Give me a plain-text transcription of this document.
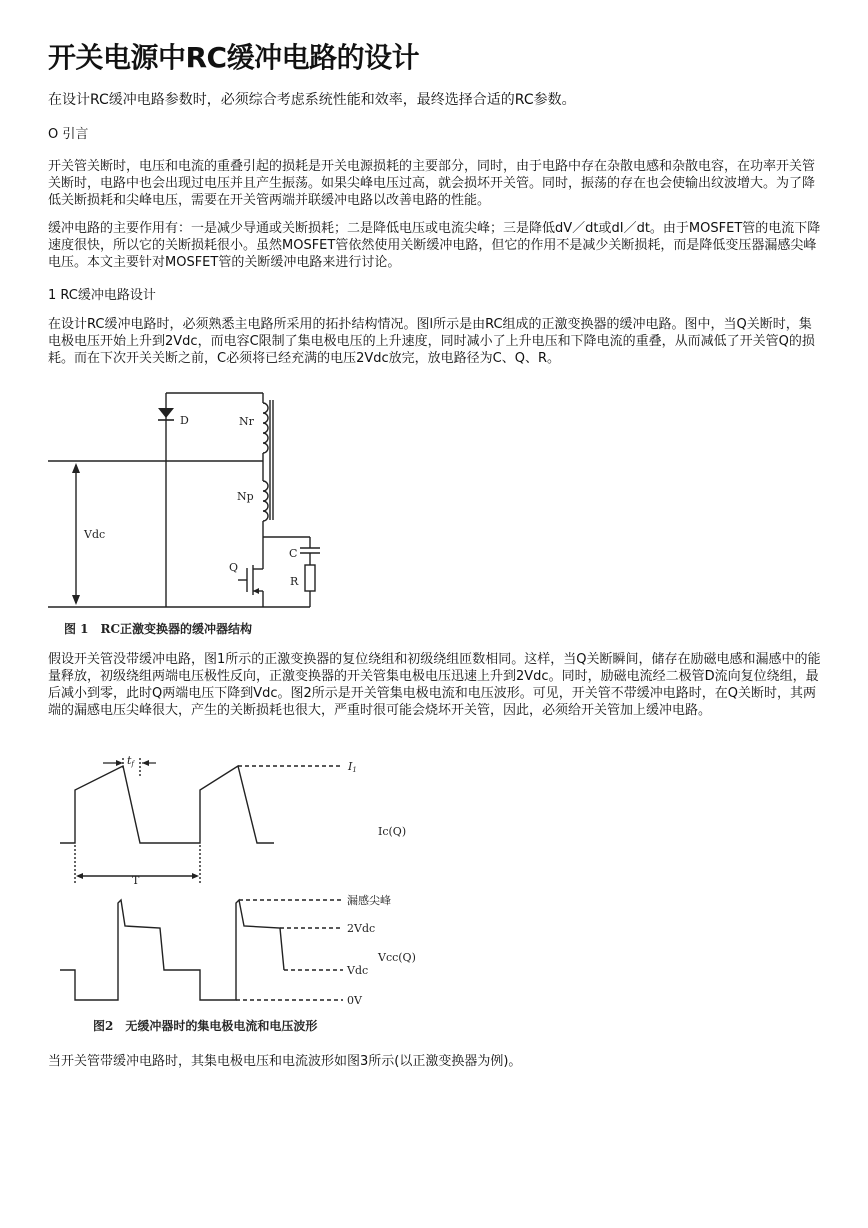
开关电源中RC缓冲电路的设计

在设计RC缓冲电路参数时，必须综合考虑系统性能和效率，最终选择合适的RC参数。

O 引言

开关管关断时，电压和电流的重叠引起的损耗是开关电源损耗的主要部分，同时，由于电路中存在杂散电感和杂散电容，在功率开关管关断时，电路中也会出现过电压并且产生振荡。如果尖峰电压过高，就会损坏开关管。同时，振荡的存在也会使输出纹波增大。为了降低关断损耗和尖峰电压，需要在开关管两端并联缓冲电路以改善电路的性能。

缓冲电路的主要作用有：一是减少导通或关断损耗；二是降低电压或电流尖峰；三是降低dV／dt或dI／dt。由于MOSFET管的电流下降速度很快，所以它的关断损耗很小。虽然MOSFET管依然使用关断缓冲电路，但它的作用不是减少关断损耗，而是降低变压器漏感尖峰电压。本文主要针对MOSFET管的关断缓冲电路来进行讨论。

1 RC缓冲电路设计

在设计RC缓冲电路时，必须熟悉主电路所采用的拓扑结构情况。图l所示是由RC组成的正激变换器的缓冲电路。图中，当Q关断时，集电极电压开始上升到2Vdc，而电容C限制了集电极电压的上升速度，同时减小了上升电压和下降电流的重叠，从而减低了开关管Q的损耗。而在下次开关关断之前，C必须将已经充满的电压2Vdc放完，放电路径为C、Q、R。

D	Nr
Np
Vdc
C
Q
R
图 1　RC正激变换器的缓冲器结构

假设开关管没带缓冲电路，图1所示的正激变换器的复位绕组和初级绕组匝数相同。这样，当Q关断瞬间，储存在励磁电感和漏感中的能量释放，初级绕组两端电压极性反向，正激变换器的开关管集电极电压迅速上升到2Vdc。同时，励磁电流经二极管D流向复位绕组，最后减小到零，此时Q两端电压下降到Vdc。图2所示是开关管集电极电流和电压波形。可见，开关管不带缓冲电路时，在Q关断时，其两端的漏感电压尖峰很大，产生的关断损耗也很大，严重时很可能会烧坏开关管，因此，必须给开关管加上缓冲电路。

tf	I1
Ic(Q)
T
漏感尖峰
2Vdc
Vcc(Q)
Vdc
0V
图2　无缓冲器时的集电极电流和电压波形

当开关管带缓冲电路时，其集电极电压和电流波形如图3所示(以正激变换器为例)。
